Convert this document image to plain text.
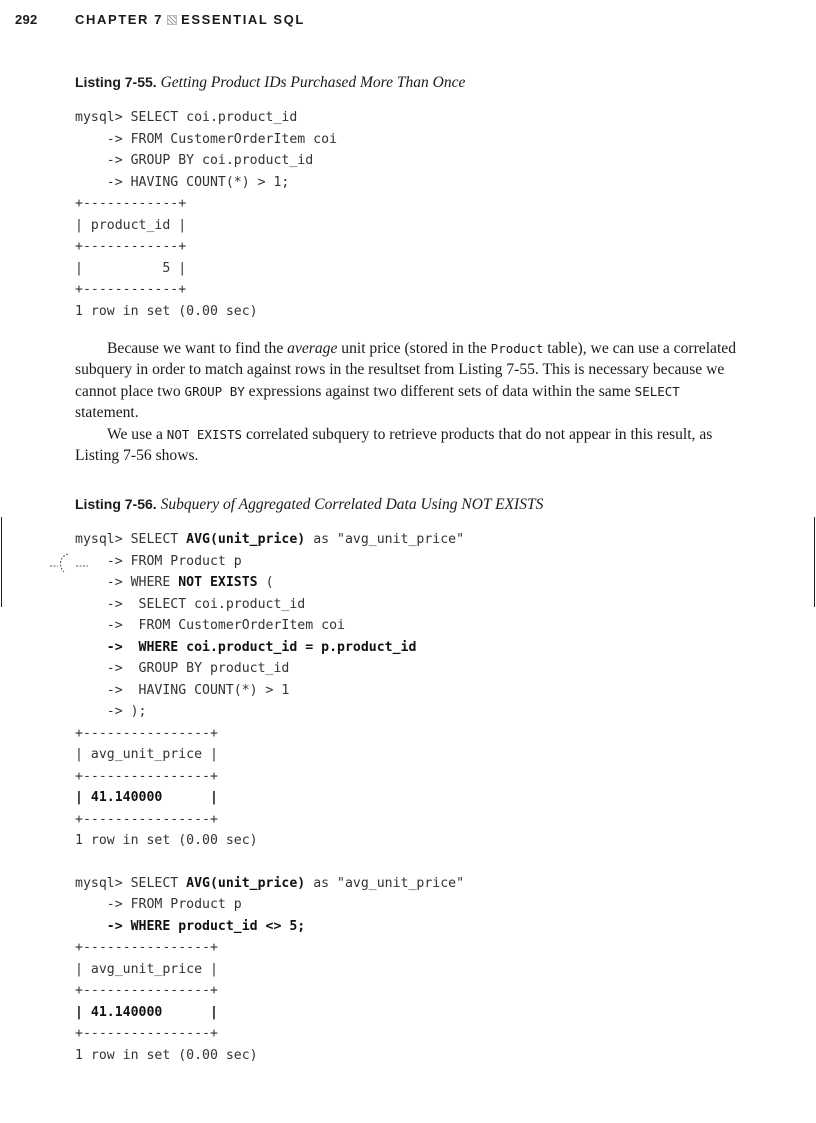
292	CHAPTER 7 ESSENTIAL SQL

Listing 7-55. Getting Product IDs Purchased More Than Once

mysql> SELECT coi.product_id
-> FROM CustomerOrderItem coi
-> GROUP BY coi.product_id
-> HAVING COUNT(*) > 1;
+------------+
| product_id |
+------------+
|          5 |
+------------+
1 row in set (0.00 sec)

Because we want to find the average unit price (stored in the Product table), we can use a correlated subquery in order to match against rows in the resultset from Listing 7-55. This is necessary because we cannot place two GROUP BY expressions against two different sets of data within the same SELECT statement.

We use a NOT EXISTS correlated subquery to retrieve products that do not appear in this result, as Listing 7-56 shows.

Listing 7-56. Subquery of Aggregated Correlated Data Using NOT EXISTS

mysql> SELECT AVG(unit_price) as "avg_unit_price"
-> FROM Product p
-> WHERE NOT EXISTS (
->  SELECT coi.product_id
->  FROM CustomerOrderItem coi
->  WHERE coi.product_id = p.product_id
->  GROUP BY product_id
->  HAVING COUNT(*) > 1
-> );
+----------------+
| avg_unit_price |
+----------------+
| 41.140000      |
+----------------+
1 row in set (0.00 sec)
mysql> SELECT AVG(unit_price) as "avg_unit_price"
-> FROM Product p
-> WHERE product_id <> 5;
+----------------+
| avg_unit_price |
+----------------+
| 41.140000      |
+----------------+
1 row in set (0.00 sec)
